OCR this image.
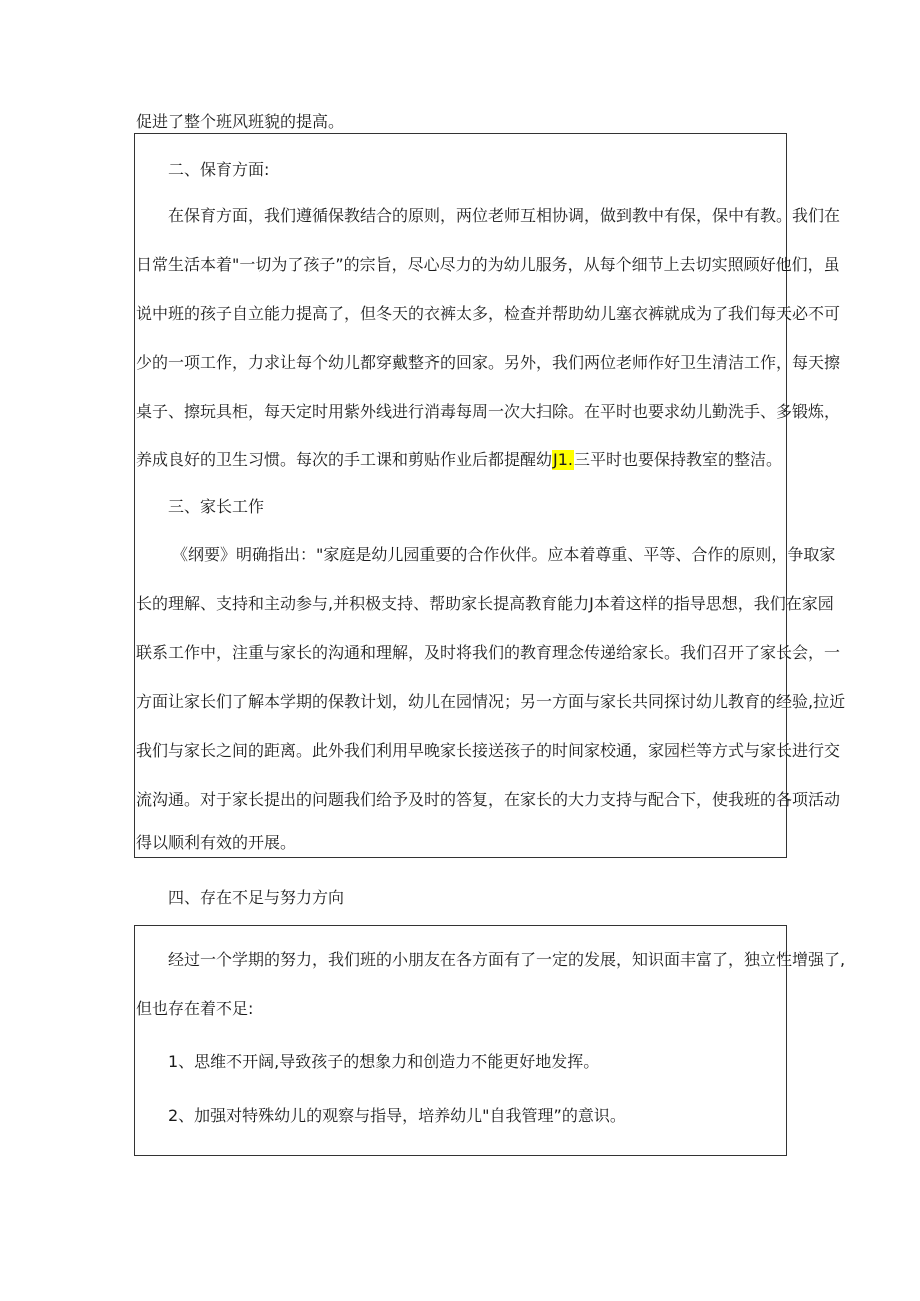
促进了整个班风班貌的提高。
二、保育方面:
在保育方面，我们遵循保教结合的原则，两位老师互相协调，做到教中有保，保中有教。我们在
日常生活本着"一切为了孩子”的宗旨，尽心尽力的为幼儿服务，从每个细节上去切实照顾好他们，虽
说中班的孩子自立能力提高了，但冬天的衣裤太多，检查并帮助幼儿塞衣裤就成为了我们每天必不可
少的一项工作，力求让每个幼儿都穿戴整齐的回家。另外，我们两位老师作好卫生清洁工作，每天擦
桌子、擦玩具柜，每天定时用紫外线进行消毒每周一次大扫除。在平时也要求幼儿勤洗手、多锻炼，
养成良好的卫生习惯。每次的手工课和剪贴作业后都提醒幼J1.三平时也要保持教室的整洁。
三、家长工作
《纲要》明确指出："家庭是幼儿园重要的合作伙伴。应本着尊重、平等、合作的原则，争取家
长的理解、支持和主动参与,并积极支持、帮助家长提高教育能力J本着这样的指导思想，我们在家园
联系工作中，注重与家长的沟通和理解，及时将我们的教育理念传递给家长。我们召开了家长会，一
方面让家长们了解本学期的保教计划，幼儿在园情况；另一方面与家长共同探讨幼儿教育的经验,拉近
我们与家长之间的距离。此外我们利用早晚家长接送孩子的时间家校通，家园栏等方式与家长进行交
流沟通。对于家长提出的问题我们给予及时的答复，在家长的大力支持与配合下，使我班的各项活动
得以顺利有效的开展。
四、存在不足与努力方向
经过一个学期的努力，我们班的小朋友在各方面有了一定的发展，知识面丰富了，独立性增强了,
但也存在着不足:
1、思维不开阔,导致孩子的想象力和创造力不能更好地发挥。
2、加强对特殊幼儿的观察与指导，培养幼儿"自我管理”的意识。
